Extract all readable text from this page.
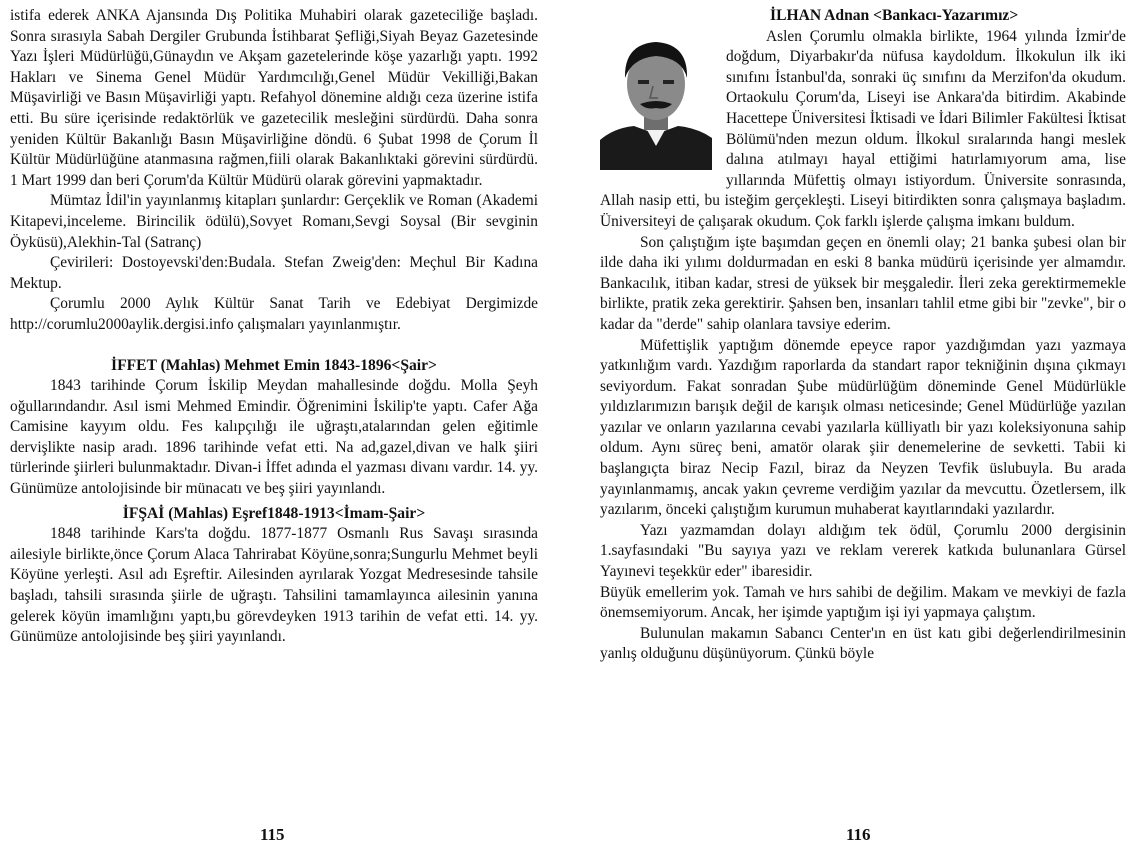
istifa ederek ANKA Ajansında Dış Politika Muhabiri olarak gazeteciliğe başladı. Sonra sırasıyla Sabah Dergiler Grubunda İstihbarat Şefliği,Siyah Beyaz Gazetesinde Yazı İşleri Müdürlüğü,Günaydın ve Akşam gazetelerinde köşe yazarlığı yaptı. 1992 Hakları ve Sinema Genel Müdür Yardımcılığı,Genel Müdür Vekilliği,Bakan Müşavirliği ve Basın Müşavirliği yaptı. Refahyol dönemine aldığı ceza üzerine istifa etti. Bu süre içerisinde redaktörlük ve gazetecilik mesleğini sürdürdü. Daha sonra yeniden Kültür Bakanlığı Basın Müşavirliğine döndü. 6 Şubat 1998 de Çorum İl Kültür Müdürlüğüne atanmasına rağmen,fiili olarak Bakanlıktaki görevini sürdürdü. 1 Mart 1999 dan beri Çorum'da Kültür Müdürü olarak görevini yapmaktadır.

Mümtaz İdil'in yayınlanmış kitapları şunlardır: Gerçeklik ve Roman (Akademi Kitapevi,inceleme. Birincilik ödülü),Sovyet Romanı,Sevgi Soysal (Bir sevginin Öyküsü),Alekhin-Tal (Satranç)

Çevirileri: Dostoyevski'den:Budala. Stefan Zweig'den: Meçhul Bir Kadına Mektup.

Çorumlu 2000 Aylık Kültür Sanat Tarih ve Edebiyat Dergimizde http://corumlu2000aylik.dergisi.info çalışmaları yayınlanmıştır.

İFFET (Mahlas) Mehmet Emin 1843-1896<Şair>

1843 tarihinde Çorum İskilip Meydan mahallesinde doğdu. Molla Şeyh oğullarındandır. Asıl ismi Mehmed Emindir. Öğrenimini İskilip'te yaptı. Cafer Ağa Camisine kayyım oldu. Fes kalıpçılığı ile uğraştı,atalarından gelen eğitimle dervişlikte nasip aradı. 1896 tarihinde vefat etti. Na ad,gazel,divan ve halk şiiri türlerinde şiirleri bulunmaktadır. Divan-i İffet adında el yazması divanı vardır. 14. yy. Günümüze antolojisinde bir münacatı ve beş şiiri yayınlandı.

İFŞAİ (Mahlas) Eşref1848-1913<İmam-Şair>

1848 tarihinde Kars'ta doğdu. 1877-1877 Osmanlı Rus Savaşı sırasında ailesiyle birlikte,önce Çorum Alaca Tahrirabat Köyüne,sonra;Sungurlu Mehmet beyli Köyüne yerleşti. Asıl adı Eşreftir. Ailesinden ayrılarak Yozgat Medresesinde tahsile başladı, tahsili sırasında şiirle de uğraştı. Tahsilini tamamlayınca ailesinin yanına gelerek köyün imamlığını yaptı,bu görevdeyken 1913 tarihin de vefat etti. 14. yy. Günümüze antolojisinde beş şiiri yayınlandı.

115
İLHAN Adnan <Bankacı-Yazarımız>

Aslen Çorumlu olmakla birlikte, 1964 yılında İzmir'de doğdum, Diyarbakır'da nüfusa kaydoldum. İlkokulun ilk iki sınıfını İstanbul'da, sonraki üç sınıfını da Merzifon'da okudum. Ortaokulu Çorum'da, Liseyi ise Ankara'da bitirdim. Akabinde Hacettepe Üniversitesi İktisadi ve İdari Bilimler Fakültesi İktisat Bölümü'nden mezun oldum. İlkokul sıralarında hangi meslek dalına atılmayı hayal ettiğimi hatırlamıyorum ama, lise yıllarında Müfettiş olmayı istiyordum. Üniversite sonrasında, Allah nasip etti, bu isteğim gerçekleşti. Liseyi bitirdikten sonra çalışmaya başladım. Üniversiteyi de çalışarak okudum. Çok farklı işlerde çalışma imkanı buldum.

Son çalıştığım işte başımdan geçen en önemli olay; 21 banka şubesi olan bir ilde daha iki yılımı doldurmadan en eski 8 banka müdürü içerisinde yer almamdır. Bankacılık, itiban kadar, stresi de yüksek bir meşgaledir. İleri zeka gerektirmemekle birlikte, pratik zeka gerektirir. Şahsen ben, insanları tahlil etme gibi bir "zevke", bir o kadar da "derde" sahip olanlara tavsiye ederim.

Müfettişlik yaptığım dönemde epeyce rapor yazdığımdan yazı yazmaya yatkınlığım vardı. Yazdığım raporlarda da standart rapor tekniğinin dışına çıkmayı seviyordum. Fakat sonradan Şube müdürlüğüm döneminde Genel Müdürlükle yıldızlarımızın barışık değil de karışık olması neticesinde; Genel Müdürlüğe yazılan yazılar ve onların yazılarına cevabi yazılarla külliyatlı bir yazı koleksiyonuna sahip oldum. Aynı süreç beni, amatör olarak şiir denemelerine de sevketti. Tabii ki başlangıçta biraz Necip Fazıl, biraz da Neyzen Tevfik üslubuyla. Bu arada yayınlanmamış, ancak yakın çevreme verdiğim yazılar da mevcuttu. Özetlersem, ilk yazılarım, önceki çalıştığım kurumun muhaberat kayıtlarındaki yazılardır.

Yazı yazmamdan dolayı aldığım tek ödül, Çorumlu 2000 dergisinin 1.sayfasındaki "Bu sayıya yazı ve reklam vererek katkıda bulunanlara Gürsel Yayınevi teşekkür eder" ibaresidir.

Büyük emellerim yok. Tamah ve hırs sahibi de değilim. Makam ve mevkiyi de fazla önemsemiyorum. Ancak, her işimde yaptığım işi iyi yapmaya çalıştım.

Bulunulan makamın Sabancı Center'ın en üst katı gibi değerlendirilmesinin yanlış olduğunu düşünüyorum. Çünkü böyle

116
